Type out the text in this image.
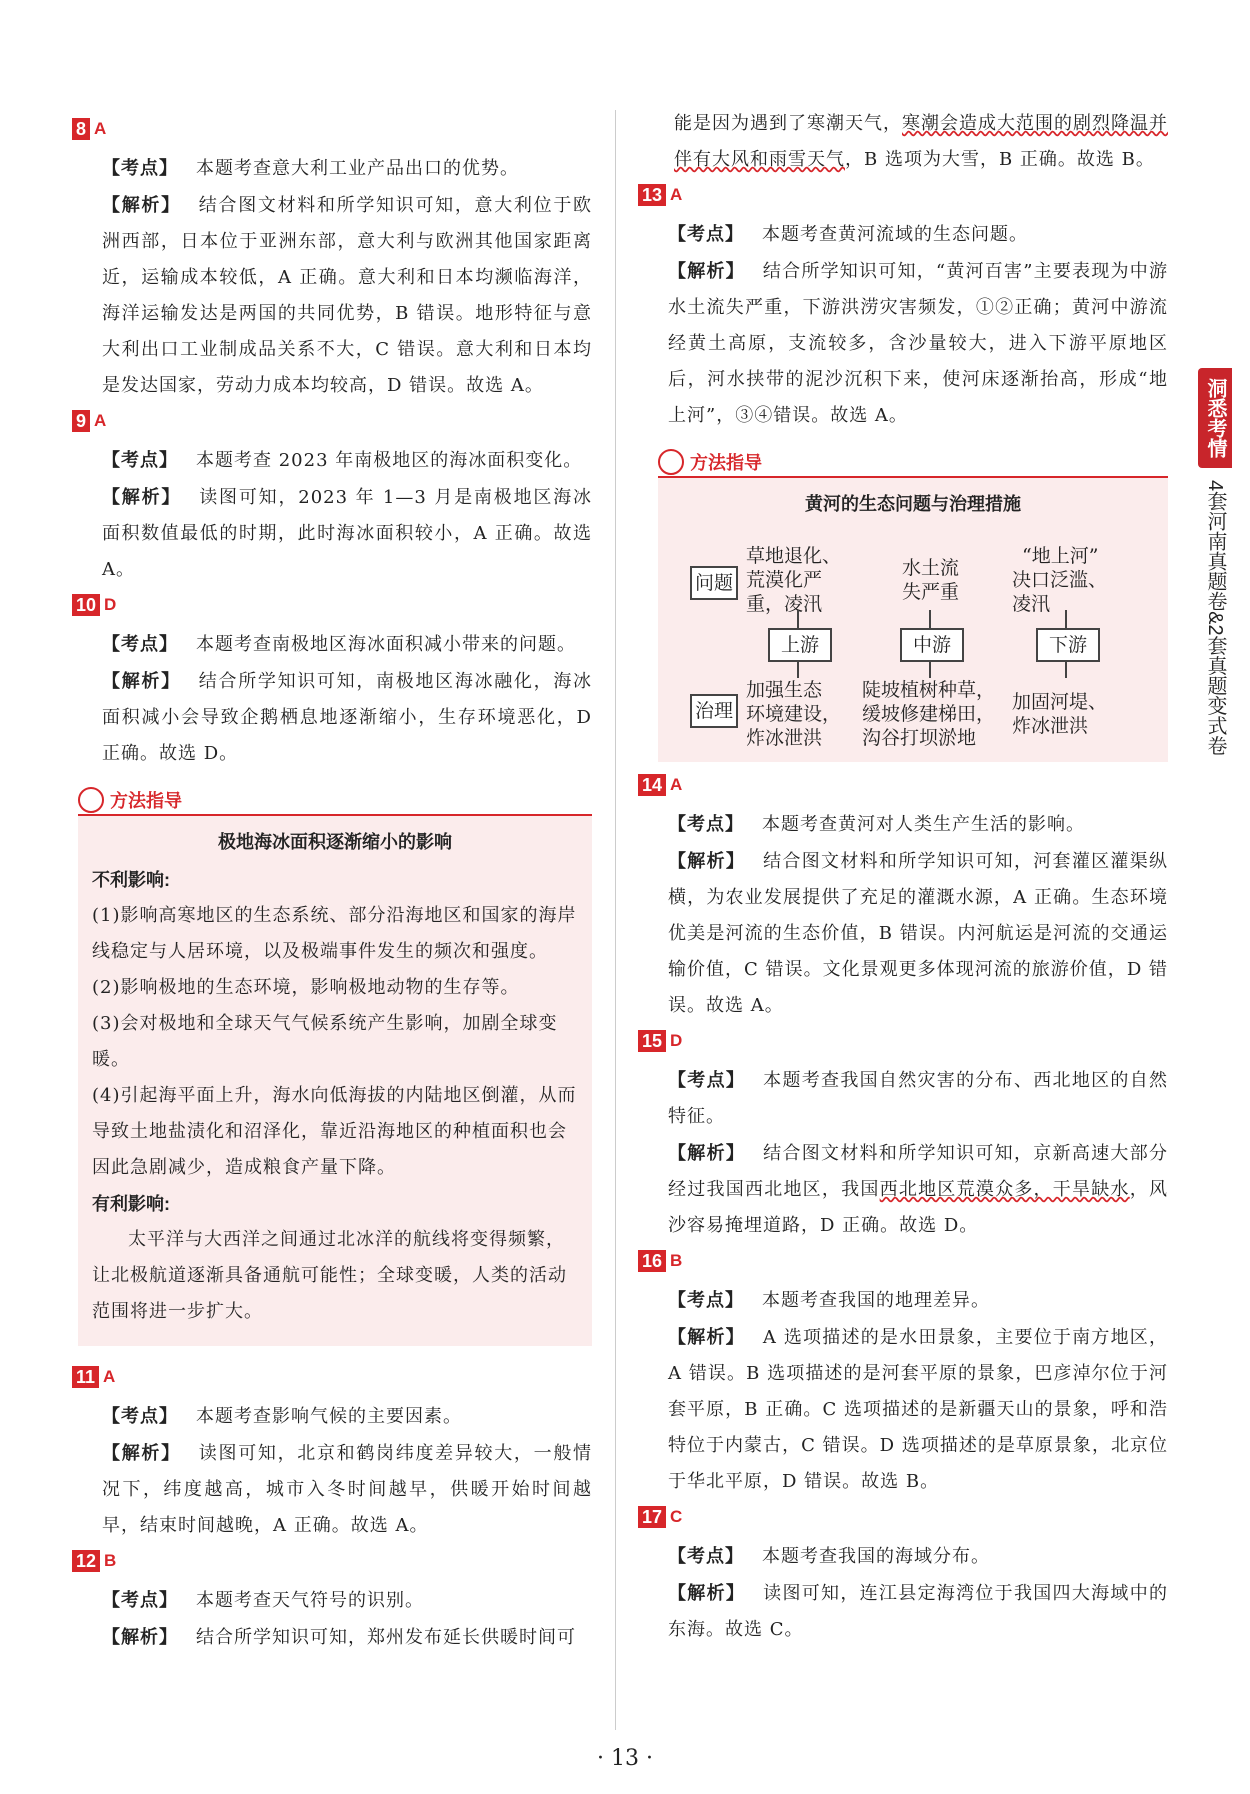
8 A
【考点】 本题考查意大利工业产品出口的优势。
【解析】 结合图文材料和所学知识可知，意大利位于欧洲西部，日本位于亚洲东部，意大利与欧洲其他国家距离近，运输成本较低，A 正确。意大利和日本均濒临海洋，海洋运输发达是两国的共同优势，B 错误。地形特征与意大利出口工业制成品关系不大，C 错误。意大利和日本均是发达国家，劳动力成本均较高，D 错误。故选 A。
9 A
【考点】 本题考查 2023 年南极地区的海冰面积变化。
【解析】 读图可知，2023 年 1—3 月是南极地区海冰面积数值最低的时期，此时海冰面积较小，A 正确。故选 A。
10 D
【考点】 本题考查南极地区海冰面积减小带来的问题。
【解析】 结合所学知识可知，南极地区海冰融化，海冰面积减小会导致企鹅栖息地逐渐缩小，生存环境恶化，D 正确。故选 D。
方法指导
极地海冰面积逐渐缩小的影响
不利影响:
(1)影响高寒地区的生态系统、部分沿海地区和国家的海岸线稳定与人居环境，以及极端事件发生的频次和强度。
(2)影响极地的生态环境，影响极地动物的生存等。
(3)会对极地和全球天气气候系统产生影响，加剧全球变暖。
(4)引起海平面上升，海水向低海拔的内陆地区倒灌，从而导致土地盐渍化和沼泽化，靠近沿海地区的种植面积也会因此急剧减少，造成粮食产量下降。
有利影响:
太平洋与大西洋之间通过北冰洋的航线将变得频繁，让北极航道逐渐具备通航可能性；全球变暖，人类的活动范围将进一步扩大。
11 A
【考点】 本题考查影响气候的主要因素。
【解析】 读图可知，北京和鹤岗纬度差异较大，一般情况下，纬度越高，城市入冬时间越早，供暖开始时间越早，结束时间越晚，A 正确。故选 A。
12 B
【考点】 本题考查天气符号的识别。
【解析】 结合所学知识可知，郑州发布延长供暖时间可
能是因为遇到了寒潮天气，寒潮会造成大范围的剧烈降温并伴有大风和雨雪天气，B 选项为大雪，B 正确。故选 B。
13 A
【考点】 本题考查黄河流域的生态问题。
【解析】 结合所学知识可知，“黄河百害”主要表现为中游水土流失严重，下游洪涝灾害频发，①②正确；黄河中游流经黄土高原，支流较多，含沙量较大，进入下游平原地区后，河水挟带的泥沙沉积下来，使河床逐渐抬高，形成“地上河”，③④错误。故选 A。
方法指导
黄河的生态问题与治理措施
问题
治理
草地退化、
荒漠化严
重，凌汛
水土流
失严重
“地上河”
决口泛滥、
凌汛
上游	中游	下游
加强生态
环境建设，
炸冰泄洪
陡坡植树种草，
缓坡修建梯田，
沟谷打坝淤地
加固河堤、
炸冰泄洪
14 A
【考点】 本题考查黄河对人类生产生活的影响。
【解析】 结合图文材料和所学知识可知，河套灌区灌渠纵横，为农业发展提供了充足的灌溉水源，A 正确。生态环境优美是河流的生态价值，B 错误。内河航运是河流的交通运输价值，C 错误。文化景观更多体现河流的旅游价值，D 错误。故选 A。
15 D
【考点】 本题考查我国自然灾害的分布、西北地区的自然特征。
【解析】 结合图文材料和所学知识可知，京新高速大部分经过我国西北地区，我国西北地区荒漠众多，干旱缺水，风沙容易掩埋道路，D 正确。故选 D。
16 B
【考点】 本题考查我国的地理差异。
【解析】 A 选项描述的是水田景象，主要位于南方地区，A 错误。B 选项描述的是河套平原的景象，巴彦淖尔位于河套平原，B 正确。C 选项描述的是新疆天山的景象，呼和浩特位于内蒙古，C 错误。D 选项描述的是草原景象，北京位于华北平原，D 错误。故选 B。
17 C
【考点】 本题考查我国的海域分布。
【解析】 读图可知，连江县定海湾位于我国四大海域中的东海。故选 C。
洞悉考情
4套河南真题卷&2套真题变式卷
· 13 ·
